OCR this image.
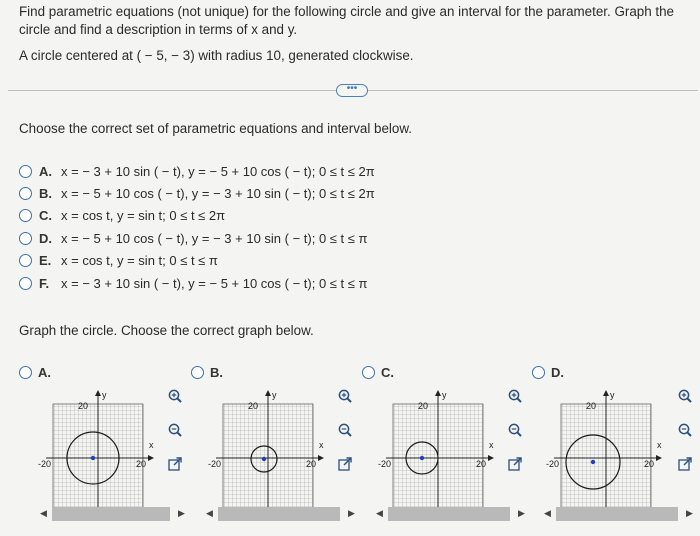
Find parametric equations (not unique) for the following circle and give an interval for the parameter. Graph the circle and find a description in terms of x and y.
A circle centered at ( − 5, − 3) with radius 10, generated clockwise.
•••
Choose the correct set of parametric equations and interval below.
A. x = − 3 + 10 sin ( − t), y = − 5 + 10 cos ( − t); 0 ≤ t ≤ 2π
B. x = − 5 + 10 cos ( − t), y = − 3 + 10 sin ( − t); 0 ≤ t ≤ 2π
C. x = cos t, y = sin t; 0 ≤ t ≤ 2π
D. x = − 5 + 10 cos ( − t), y = − 3 + 10 sin ( − t); 0 ≤ t ≤ π
E. x = cos t, y = sin t; 0 ≤ t ≤ π
F. x = − 3 + 10 sin ( − t), y = − 5 + 10 cos ( − t); 0 ≤ t ≤ π
Graph the circle. Choose the correct graph below.
A.	B.	C.	D.
y
x
20
-20	20
y
x
20
-20	20
y
x
20
-20	20
y
x
20
-20	20
◀	▶ ◀	▶ ◀	▶ ◀	▶
